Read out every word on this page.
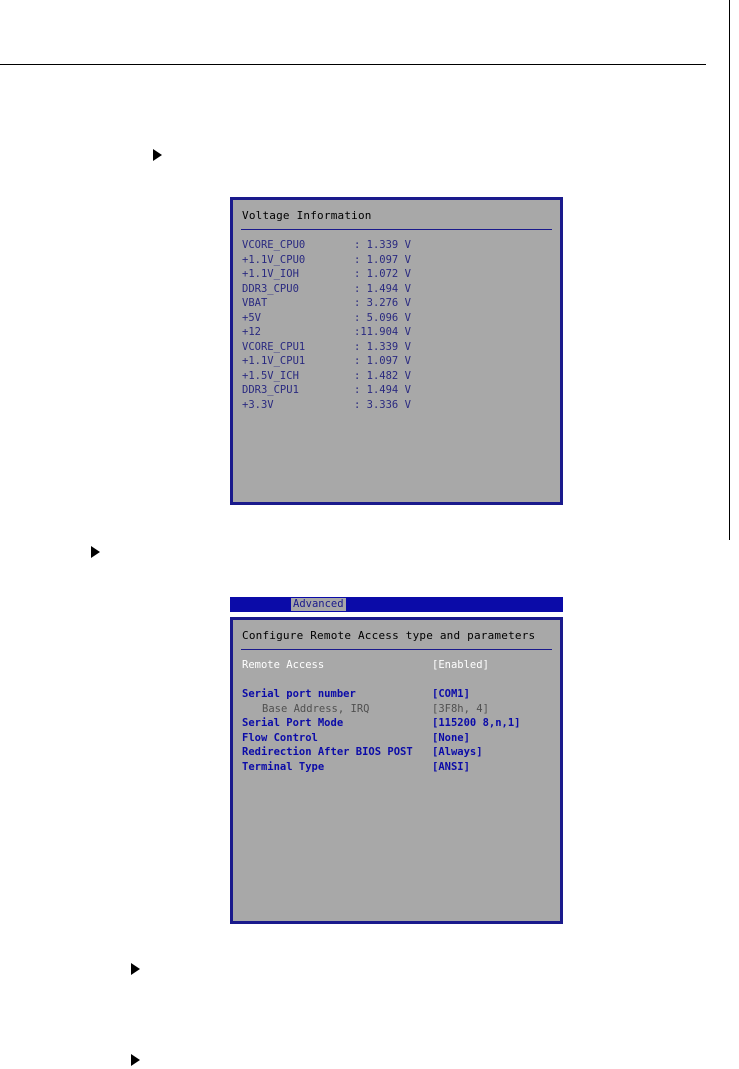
Voltage Information
VCORE_CPU0	: 1.339 V
+1.1V_CPU0	: 1.097 V
+1.1V_IOH	: 1.072 V
DDR3_CPU0	: 1.494 V
VBAT	: 3.276 V
+5V	: 5.096 V
+12	:11.904 V
VCORE_CPU1	: 1.339 V
+1.1V_CPU1	: 1.097 V
+1.5V_ICH	: 1.482 V
DDR3_CPU1	: 1.494 V
+3.3V	: 3.336 V
Advanced
Configure Remote Access type and parameters
Remote Access	[Enabled]
Serial port number	[COM1]
Base Address, IRQ	[3F8h, 4]
Serial Port Mode	[115200 8,n,1]
Flow Control	[None]
Redirection After BIOS POST [Always]
Terminal Type	[ANSI]
